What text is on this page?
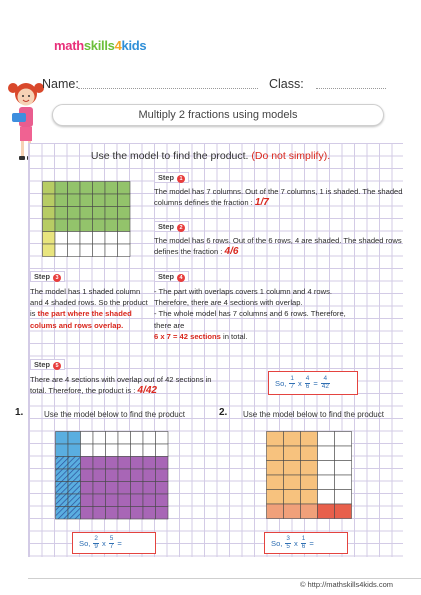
mathskills4kids
Name:	Class:
Multiply 2 fractions using models
Use the model to find the product. (Do not simplify).
Step 1
The model has 7 columns. Out of the 7 columns, 1 is shaded. The shaded columns defines the fraction : 1/7
Step 2
The model has 6 rows. Out of the 6 rows, 4 are shaded. The shaded rows defines the fraction : 4/6
Step 3
The model has 1 shaded column and 4 shaded rows. So the product is the part where the shaded colums and rows overlap.
Step 4
- The part with overlaps covers 1 column and 4 rows. Therefore, there are 4 sections with overlap.
- The whole model has 7 columns and 6 rows. Therefore, there are
6 x 7 = 42 sections in total.
Step 5
There are 4 sections with overlap out of 42 sections in total. Therefore, the product is : 4/42
So, $\frac{1}{7}$ x $\frac{4}{6} = \frac{4}{42}$
1.	Use the model below to find the product
So, $\frac{2}{9}$ x $\frac{5}{7}$ =
2. Use the model below to find the product
So, $\frac{3}{5}$ x $\frac{1}{6}$ =
© http://mathskills4kids.com
